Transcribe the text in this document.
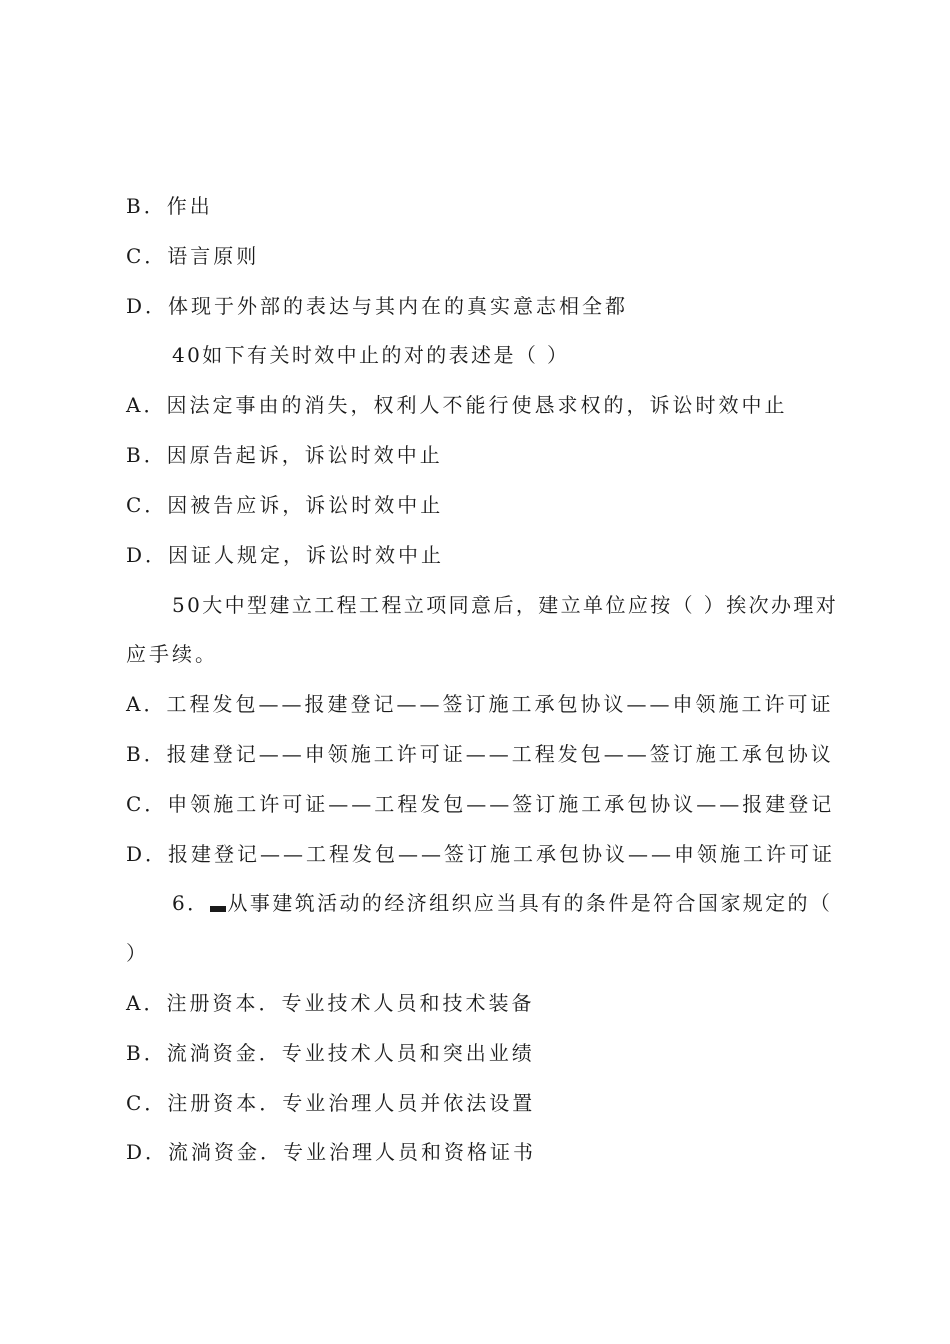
B．作出
C．语言原则
D．体现于外部的表达与其内在的真实意志相全都
40如下有关时效中止的对的表述是（ ）
A．因法定事由的消失，权利人不能行使恳求权的，诉讼时效中止
B．因原告起诉，诉讼时效中止
C．因被告应诉，诉讼时效中止
D．因证人规定，诉讼时效中止
50大中型建立工程工程立项同意后，建立单位应按（ ）挨次办理对
应手续。
A．工程发包——报建登记——签订施工承包协议——申领施工许可证
B．报建登记——申领施工许可证——工程发包——签订施工承包协议
C．申领施工许可证——工程发包——签订施工承包协议——报建登记
D．报建登记——工程发包——签订施工承包协议——申领施工许可证
6． 从事建筑活动的经济组织应当具有的条件是符合国家规定的（
）
A．注册资本．专业技术人员和技术装备
B．流淌资金．专业技术人员和突出业绩
C．注册资本．专业治理人员并依法设置
D．流淌资金．专业治理人员和资格证书
